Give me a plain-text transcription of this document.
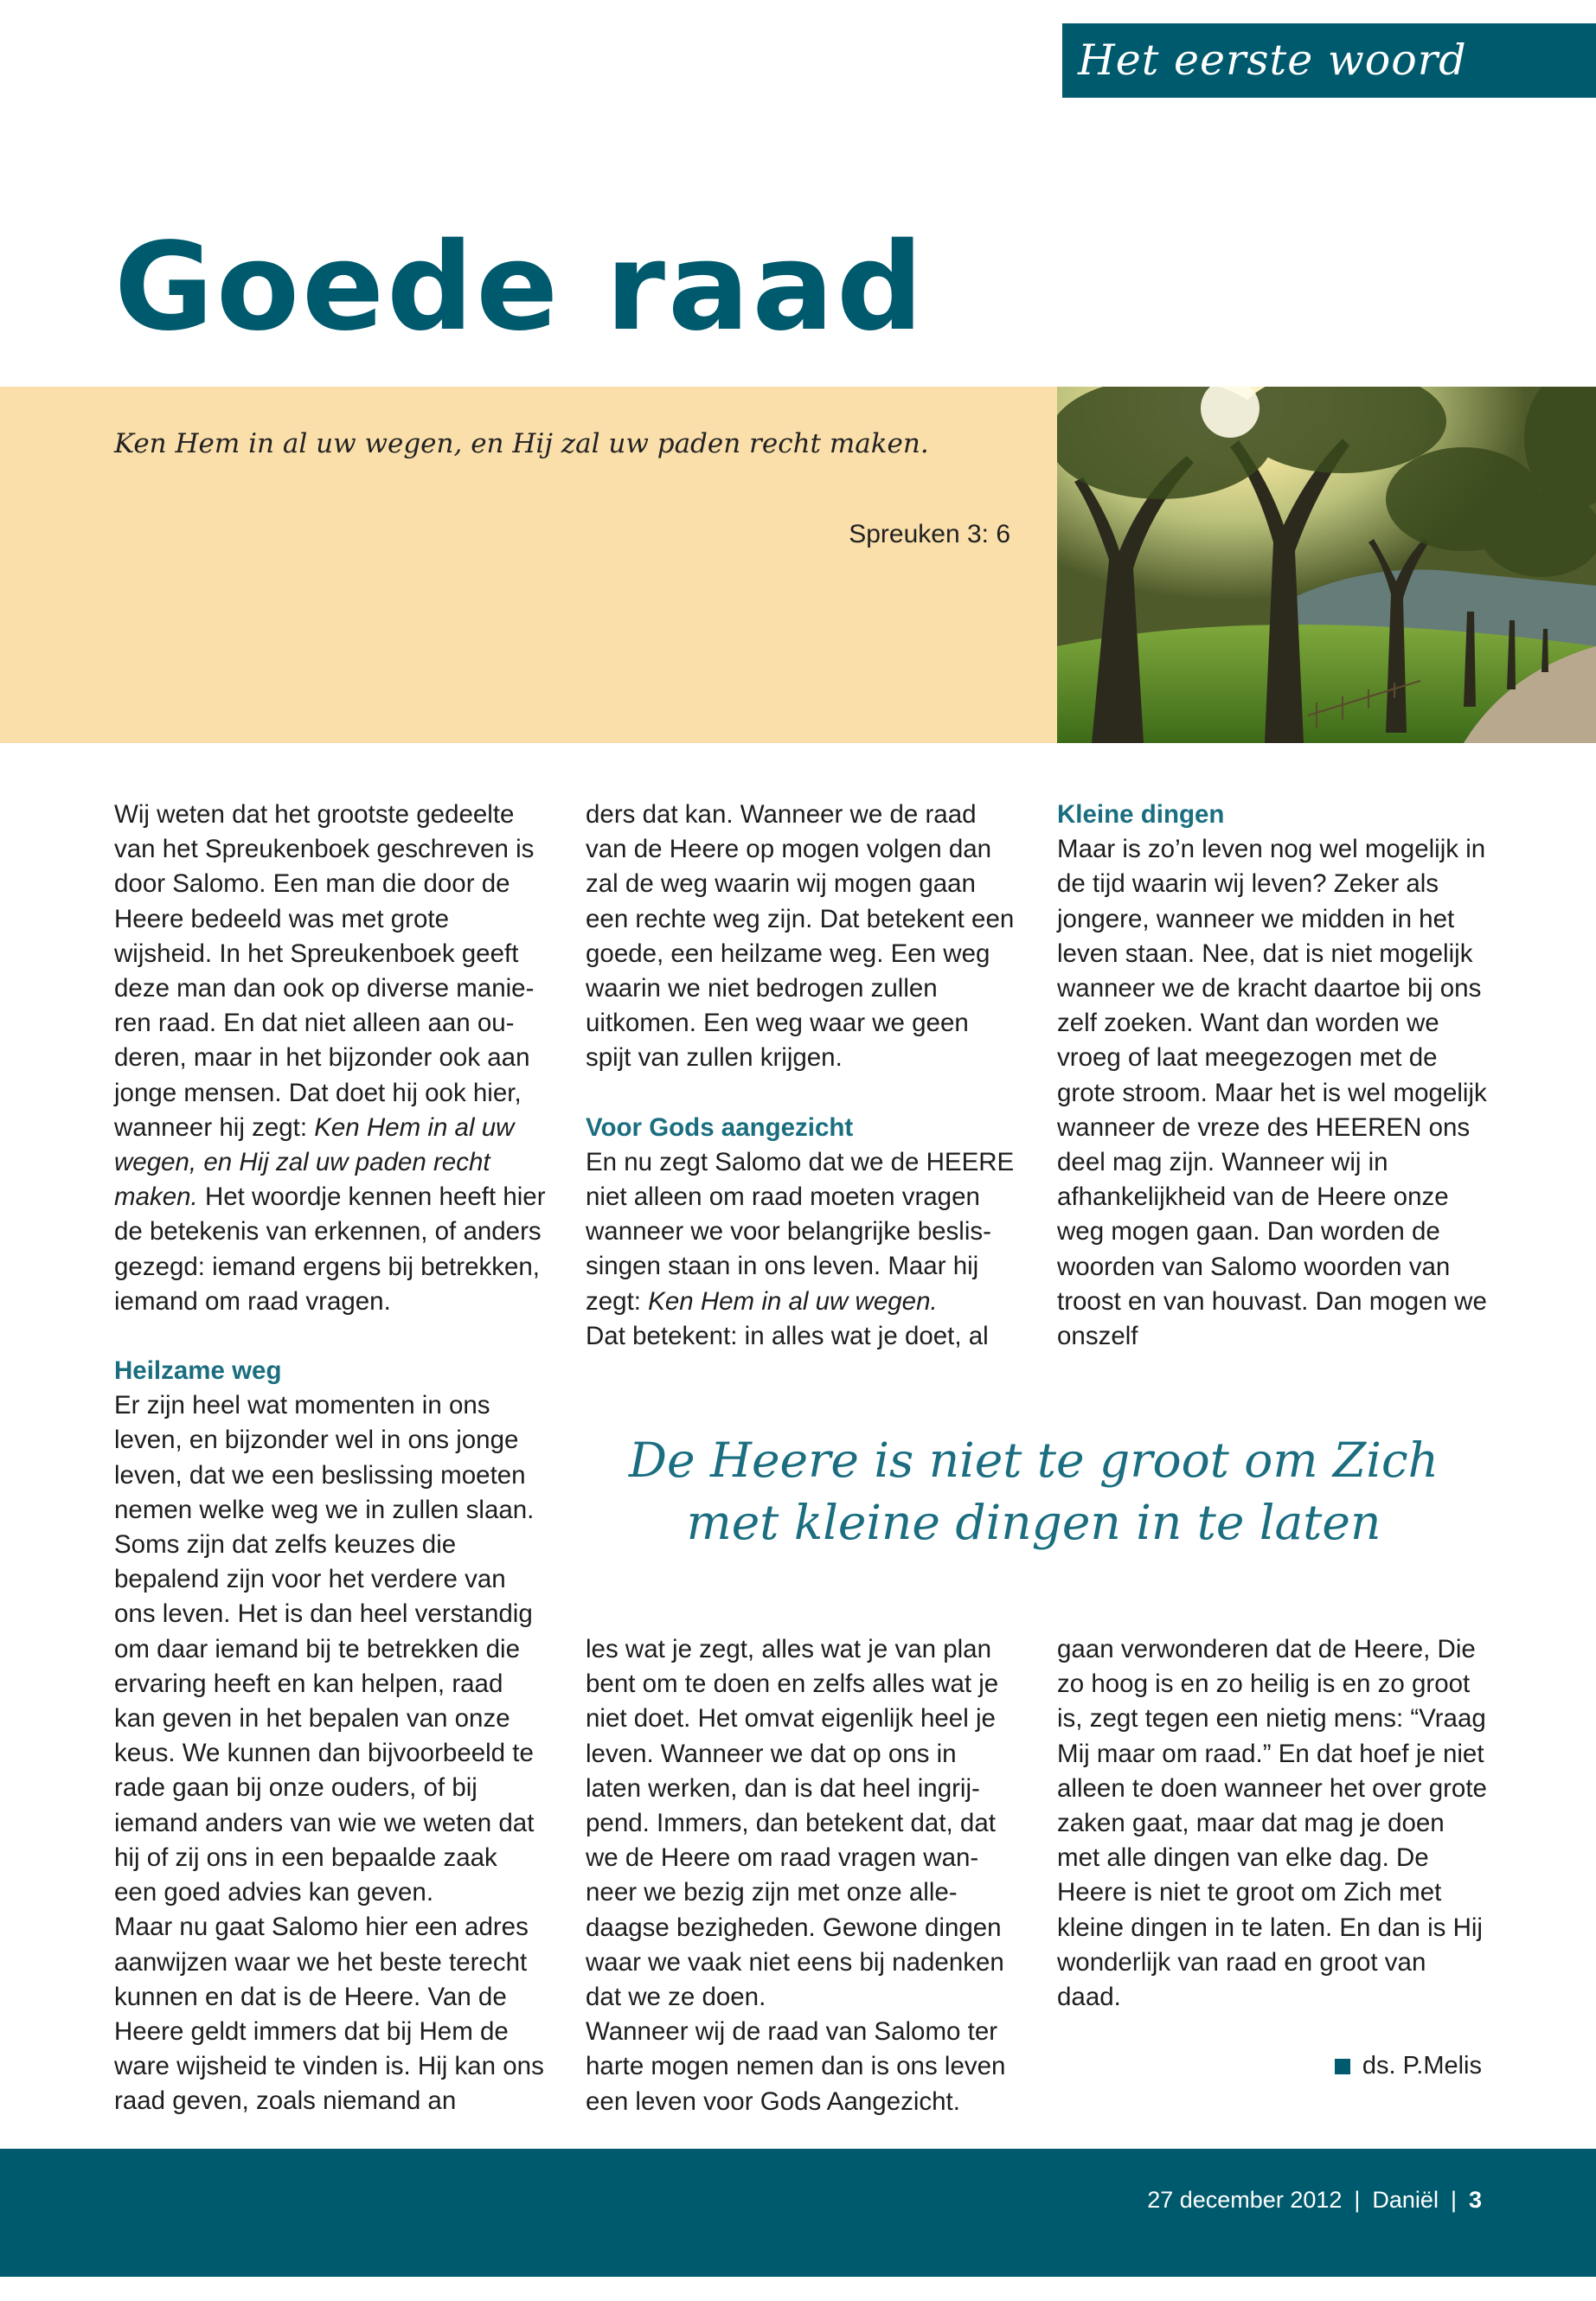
Het eerste woord
Goede raad
Ken Hem in al uw wegen, en Hij zal uw paden recht maken.
Spreuken 3: 6

Wij weten dat het grootste gedeelte van het Spreukenboek geschreven is door Salomo. Een man die door de Heere bedeeld was met grote wijsheid. In het Spreukenboek geeft deze man dan ook op diverse manieren raad. En dat niet alleen aan ouderen, maar in het bijzonder ook aan jonge mensen. Dat doet hij ook hier, wanneer hij zegt: Ken Hem in al uw wegen, en Hij zal uw paden recht maken. Het woordje kennen heeft hier de betekenis van erkennen, of anders gezegd: iemand ergens bij betrekken, iemand om raad vragen.

Heilzame weg

Er zijn heel wat momenten in ons leven, en bijzonder wel in ons jonge leven, dat we een beslissing moeten nemen welke weg we in zullen slaan. Soms zijn dat zelfs keuzes die bepalend zijn voor het verdere van ons leven. Het is dan heel verstandig om daar iemand bij te betrekken die ervaring heeft en kan helpen, raad kan geven in het bepalen van onze keus. We kunnen dan bijvoorbeeld te rade gaan bij onze ouders, of bij iemand anders van wie we weten dat hij of zij ons in een bepaalde zaak een goed advies kan geven.

Maar nu gaat Salomo hier een adres aanwijzen waar we het beste terecht kunnen en dat is de Heere. Van de Heere geldt immers dat bij Hem de ware wijsheid te vinden is. Hij kan ons raad geven, zoals niemand an

ders dat kan. Wanneer we de raad van de Heere op mogen volgen dan zal de weg waarin wij mogen gaan een rechte weg zijn. Dat betekent een goede, een heilzame weg. Een weg waarin we niet bedrogen zullen uitkomen. Een weg waar we geen spijt van zullen krijgen.

Voor Gods aangezicht

En nu zegt Salomo dat we de HEERE niet alleen om raad moeten vragen wanneer we voor belangrijke beslissingen staan in ons leven. Maar hij zegt: Ken Hem in al uw wegen.

Dat betekent: in alles wat je doet, al

Kleine dingen

Maar is zo’n leven nog wel mogelijk in de tijd waarin wij leven? Zeker als jongere, wanneer we midden in het leven staan. Nee, dat is niet mogelijk wanneer we de kracht daartoe bij ons zelf zoeken. Want dan worden we vroeg of laat meegezogen met de grote stroom. Maar het is wel mogelijk wanneer de vreze des HEEREN ons deel mag zijn. Wanneer wij in afhankelijkheid van de Heere onze weg mogen gaan. Dan worden de woorden van Salomo woorden van troost en van houvast. Dan mogen we onszelf

De Heere is niet te groot om Zich met kleine dingen in te laten

les wat je zegt, alles wat je van plan bent om te doen en zelfs alles wat je niet doet. Het omvat eigenlijk heel je leven. Wanneer we dat op ons in laten werken, dan is dat heel ingrijpend. Immers, dan betekent dat, dat we de Heere om raad vragen wanneer we bezig zijn met onze alledaagse bezigheden. Gewone dingen waar we vaak niet eens bij nadenken dat we ze doen.

Wanneer wij de raad van Salomo ter harte mogen nemen dan is ons leven een leven voor Gods Aangezicht.

gaan verwonderen dat de Heere, Die zo hoog is en zo heilig is en zo groot is, zegt tegen een nietig mens: “Vraag Mij maar om raad.” En dat hoef je niet alleen te doen wanneer het over grote zaken gaat, maar dat mag je doen met alle dingen van elke dag. De Heere is niet te groot om Zich met kleine dingen in te laten. En dan is Hij wonderlijk van raad en groot van daad.

ds. P.Melis
27 december 2012 | Daniël | 3
